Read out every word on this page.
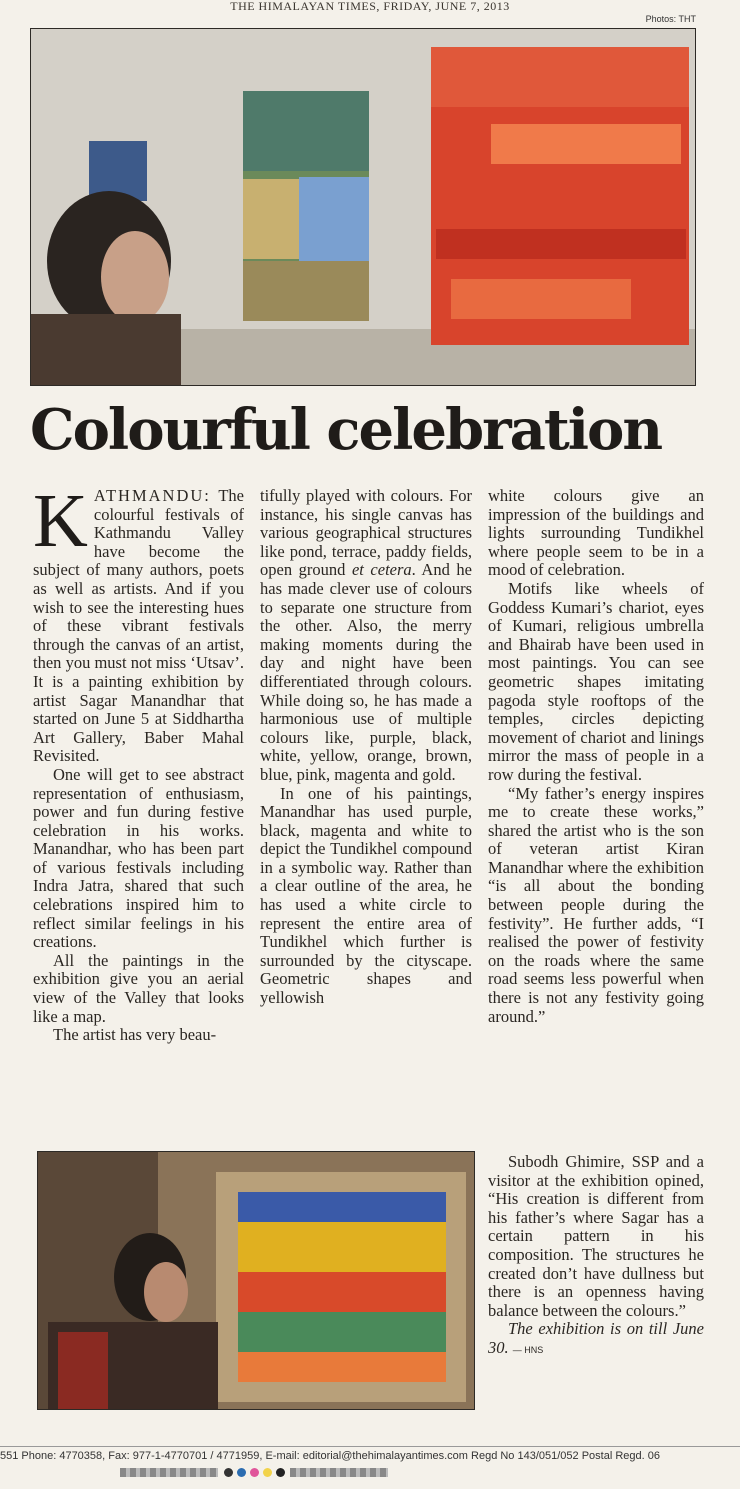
THE HIMALAYAN TIMES, FRIDAY, JUNE 7, 2013
Photos: THT
Colourful celebration

KATHMANDU: The colourful festivals of Kathmandu Valley have become the subject of many authors, poets as well as artists. And if you wish to see the interesting hues of these vibrant festivals through the canvas of an artist, then you must not miss ‘Utsav’. It is a painting exhibition by artist Sagar Manandhar that started on June 5 at Siddhartha Art Gallery, Baber Mahal Revisited.

One will get to see abstract representation of enthusiasm, power and fun during festive celebration in his works. Manandhar, who has been part of various festivals including Indra Jatra, shared that such celebrations inspired him to reflect similar feelings in his creations.

All the paintings in the exhibition give you an aerial view of the Valley that looks like a map.

The artist has very beau-

tifully played with colours. For instance, his single canvas has various geographical structures like pond, terrace, paddy fields, open ground et cetera. And he has made clever use of colours to separate one structure from the other. Also, the merry making moments during the day and night have been differentiated through colours. While doing so, he has made a harmonious use of multiple colours like, purple, black, white, yellow, orange, brown, blue, pink, magenta and gold.

In one of his paintings, Manandhar has used purple, black, magenta and white to depict the Tundikhel compound in a symbolic way. Rather than a clear outline of the area, he has used a white circle to represent the entire area of Tundikhel which further is surrounded by the cityscape. Geometric shapes and yellowish

white colours give an impression of the buildings and lights surrounding Tundikhel where people seem to be in a mood of celebration.

Motifs like wheels of Goddess Kumari’s chariot, eyes of Kumari, religious umbrella and Bhairab have been used in most paintings. You can see geometric shapes imitating pagoda style rooftops of the temples, circles depicting movement of chariot and linings mirror the mass of people in a row during the festival.

“My father’s energy inspires me to create these works,” shared the artist who is the son of veteran artist Kiran Manandhar where the exhibition “is all about the bonding between people during the festivity”. He further adds, “I realised the power of festivity on the roads where the same road seems less powerful when there is not any festivity going around.”

Subodh Ghimire, SSP and a visitor at the exhibition opined, “His creation is different from his father’s where Sagar has a certain pattern in his composition. The structures he created don’t have dullness but there is an openness having balance between the colours.”

The exhibition is on till June 30. — HNS

551 Phone: 4770358, Fax: 977-1-4770701 / 4771959, E-mail: editorial@thehimalayantimes.com Regd No 143/051/052 Postal Regd. 06
